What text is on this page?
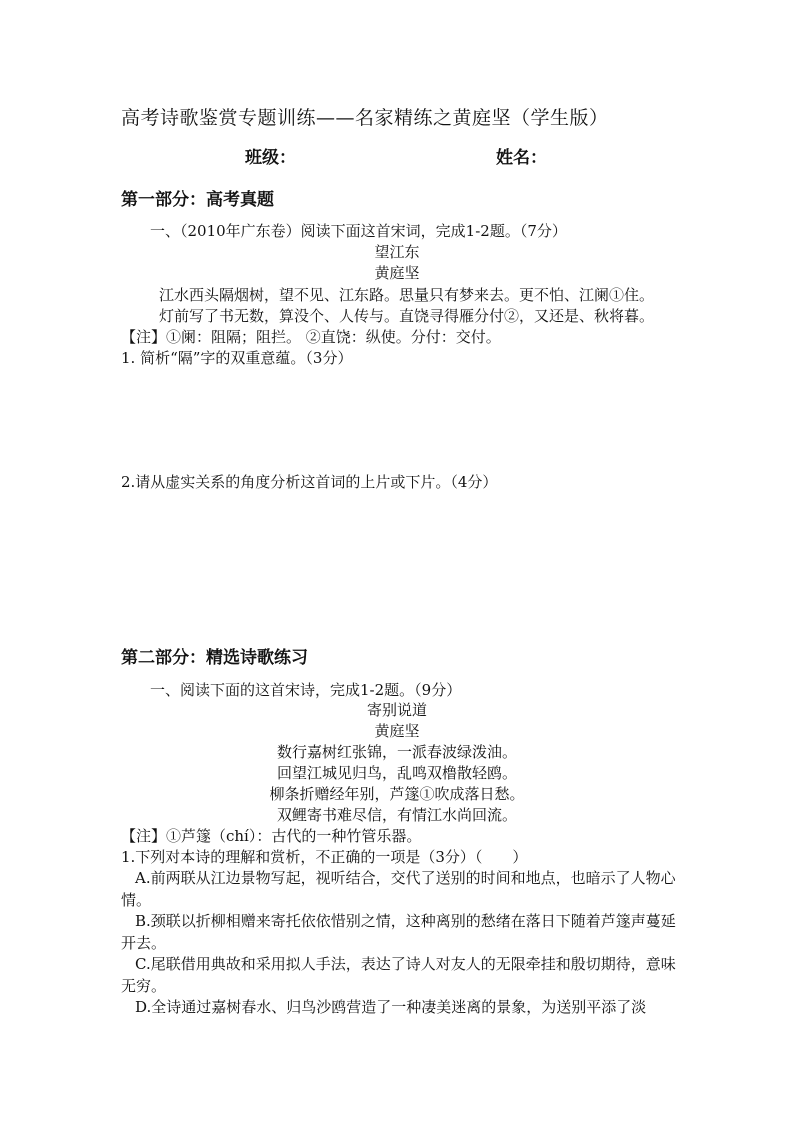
高考诗歌鉴赏专题训练——名家精练之黄庭坚（学生版）
班级：	姓名：
第一部分：高考真题
一、（2010年广东卷）阅读下面这首宋词，完成1-2题。（7分）
望江东
黄庭坚
江水西头隔烟树，望不见、江东路。思量只有梦来去。更不怕、江阑①住。
灯前写了书无数，算没个、人传与。直饶寻得雁分付②，又还是、秋将暮。
【注】①阑：阻隔；阻拦。 ②直饶：纵使。分付：交付。
1. 简析“隔”字的双重意蕴。（3分）
2.请从虚实关系的角度分析这首词的上片或下片。（4分）
第二部分：精选诗歌练习
一、阅读下面的这首宋诗，完成1-2题。（9分）
寄别说道
黄庭坚
数行嘉树红张锦，一派春波绿泼油。
回望江城见归鸟，乱鸣双橹散轻鸥。
柳条折赠经年别，芦篴①吹成落日愁。
双鲤寄书难尽信，有情江水尚回流。
【注】①芦篴（chí）：古代的一种竹管乐器。
1.下列对本诗的理解和赏析，不正确的一项是（3分）（　　）
A.前两联从江边景物写起，视听结合，交代了送别的时间和地点，也暗示了人物心情。
B.颈联以折柳相赠来寄托依依惜别之情，这种离别的愁绪在落日下随着芦篴声蔓延开去。
C.尾联借用典故和采用拟人手法，表达了诗人对友人的无限牵挂和殷切期待，意味无穷。
D.全诗通过嘉树春水、归鸟沙鸥营造了一种凄美迷离的景象，为送别平添了淡
